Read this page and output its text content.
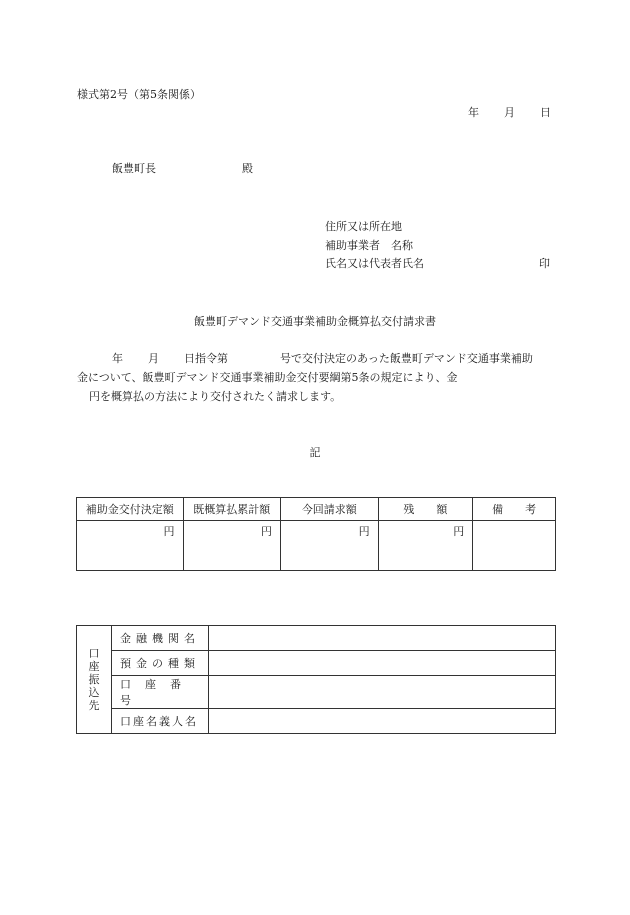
様式第2号（第5条関係）
年 月 日
飯豊町長	殿
住所又は所在地
補助事業者　名称
氏名又は代表者氏名	印
飯豊町デマンド交通事業補助金概算払交付請求書
年 月 日指令第	号で交付決定のあった飯豊町デマンド交通事業補助
金について、飯豊町デマンド交通事業補助金交付要綱第5条の規定により、金
円を概算払の方法により交付されたく請求します。
記
補助金交付決定額	既概算払累計額	今回請求額	残　　額	備　　考
円	円	円	円	
口
座
振
込
先	金融機関名	
	預金の種類	
	口座番号	
	口座名義人名	
